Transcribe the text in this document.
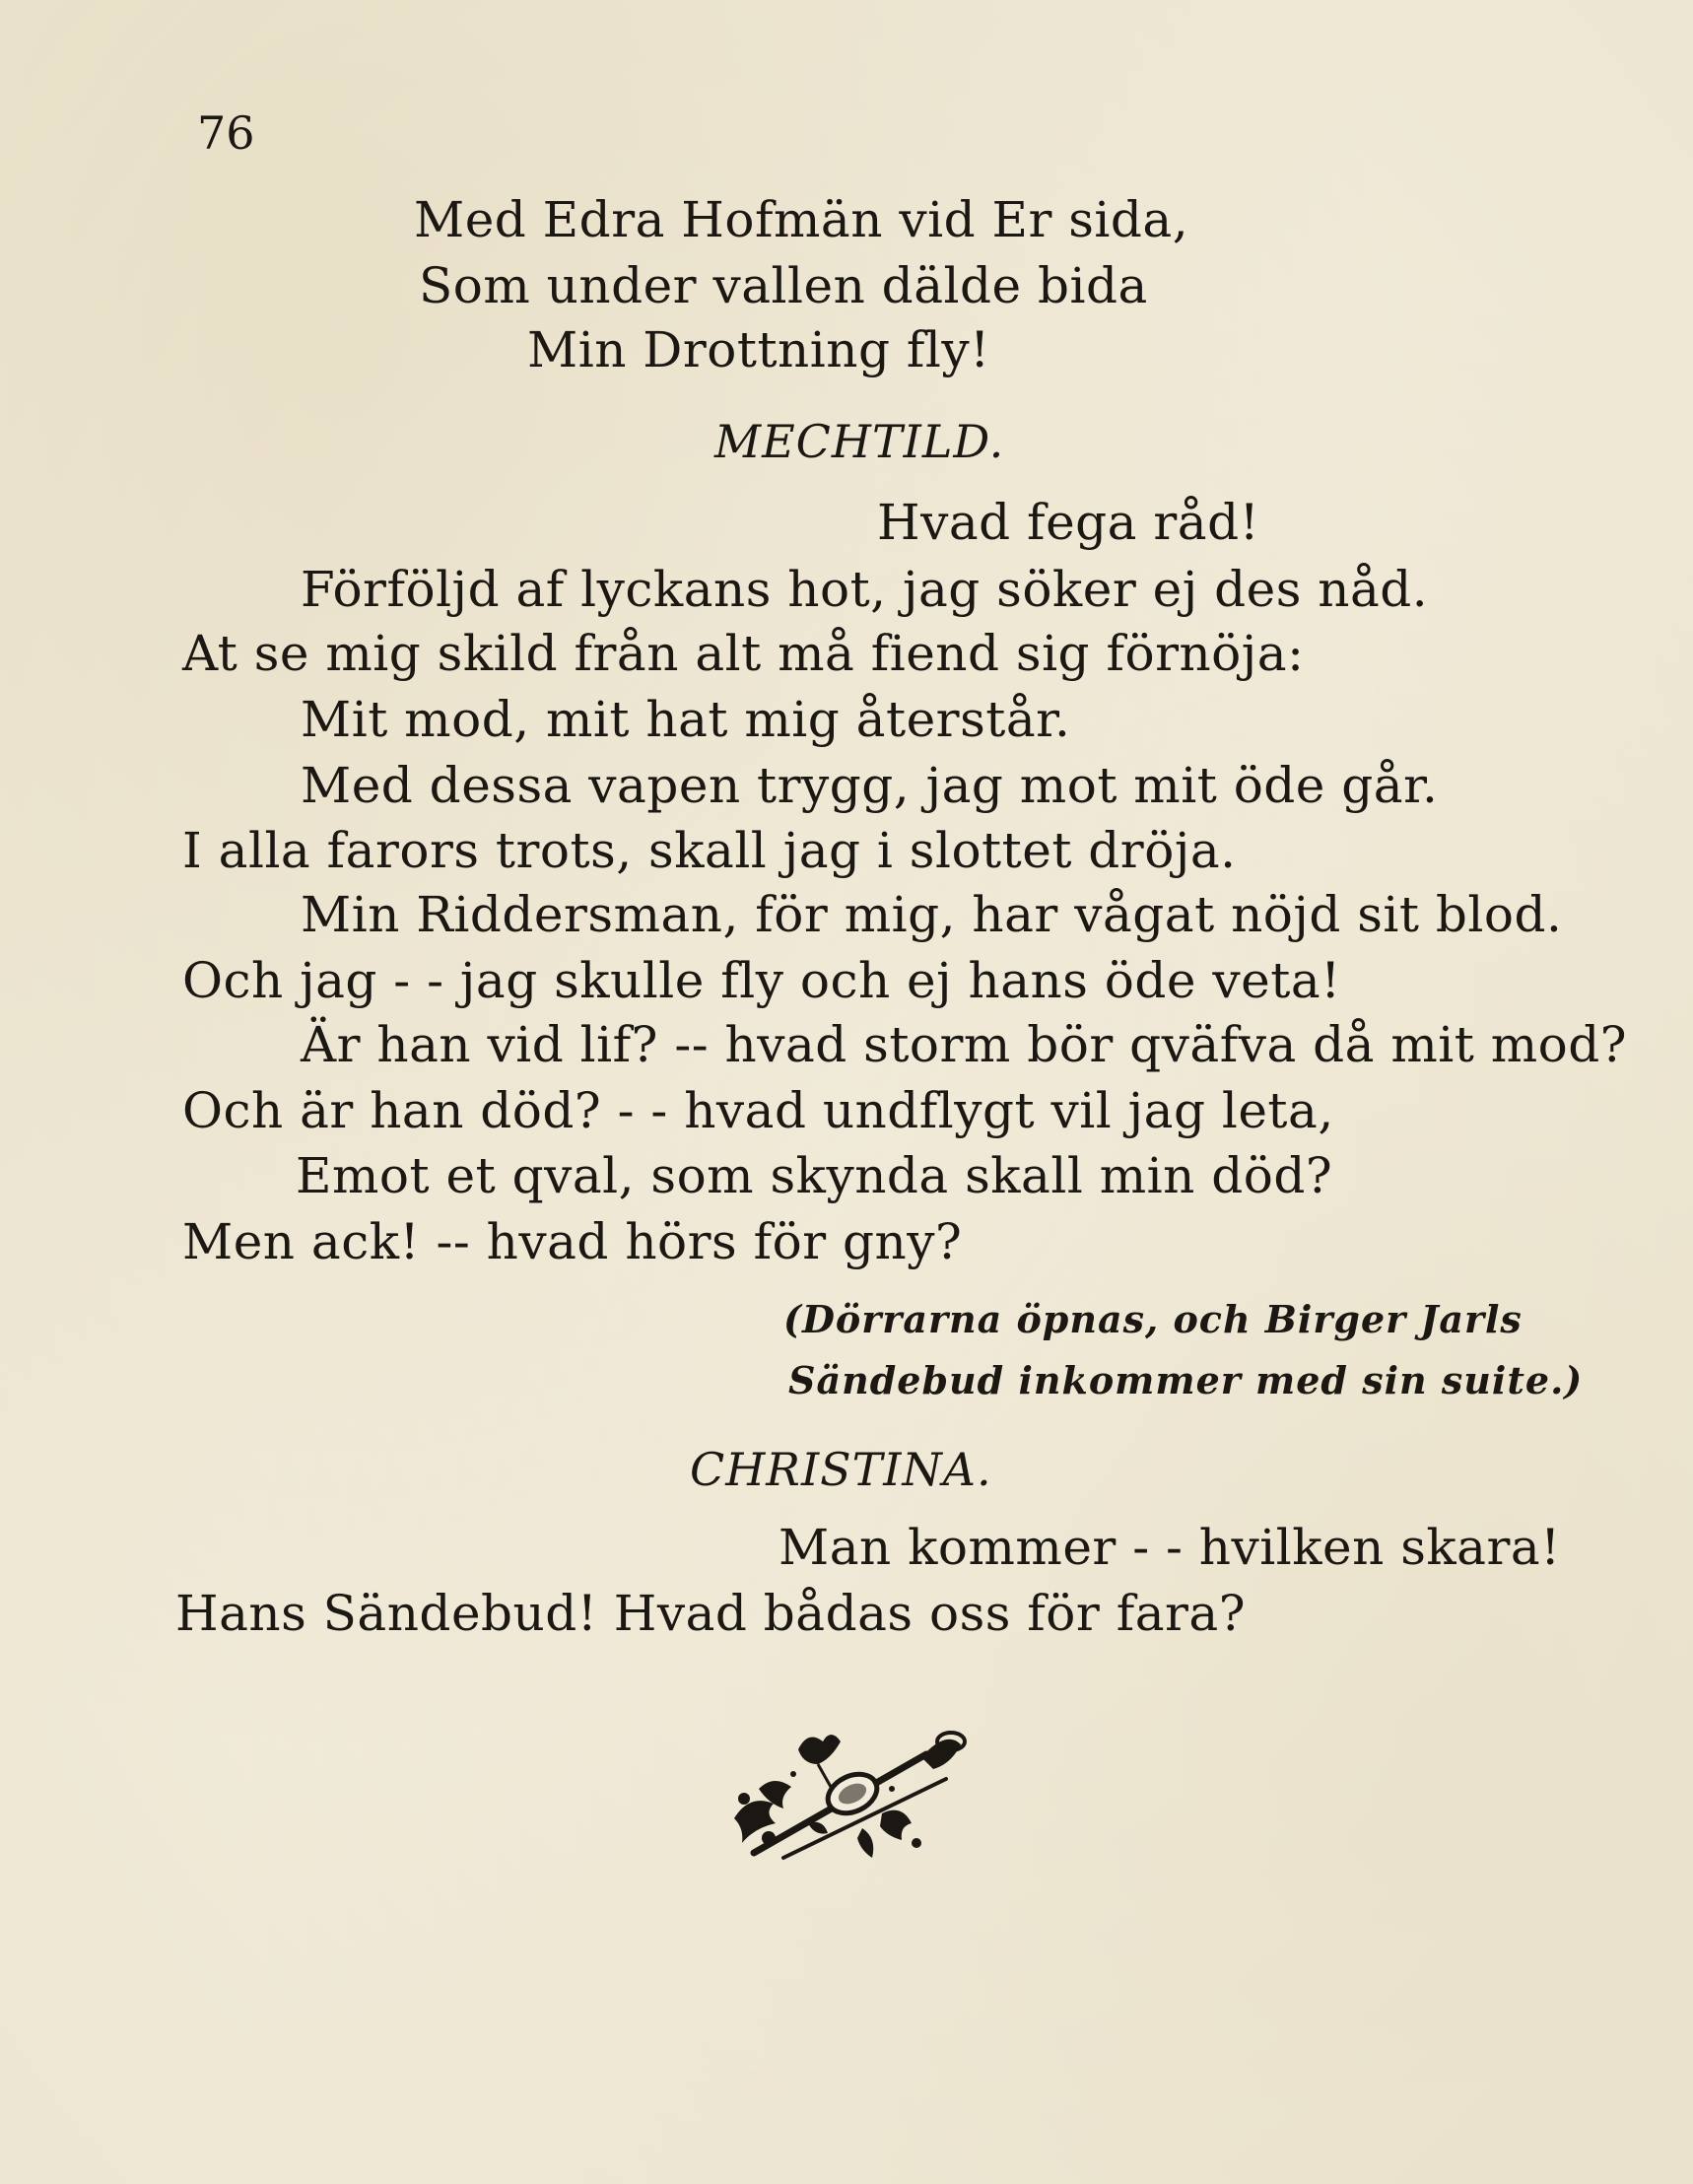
76
Med Edra Hofmän vid Er sida,
Som under vallen dälde bida
Min Drottning fly!
MECHTILD.
Hvad fega råd!
Förföljd af lyckans hot, jag söker ej des nåd.
At se mig skild från alt må fiend sig förnöja:
Mit mod, mit hat mig återstår.
Med dessa vapen trygg, jag mot mit öde går.
I alla farors trots, skall jag i slottet dröja.
Min Riddersman, för mig, har vågat nöjd sit blod.
Och jag - - jag skulle fly och ej hans öde veta!
Är han vid lif? -- hvad storm bör qväfva då mit mod?
Och är han död? - - hvad undflygt vil jag leta,
Emot et qval, som skynda skall min död?
Men ack! -- hvad hörs för gny?
(Dörrarna öpnas, och Birger Jarls
Sändebud inkommer med sin suite.)
CHRISTINA.
Man kommer - - hvilken skara!
Hans Sändebud! Hvad bådas oss för fara?
